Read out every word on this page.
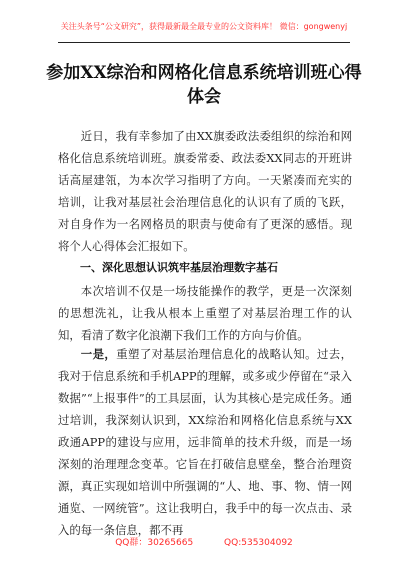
关注头条号“公文研究”，获得最新最全最专业的公文资料库！ 微信：gongwenyj
参加XX综治和网格化信息系统培训班心得体会
近日，我有幸参加了由XX旗委政法委组织的综治和网格化信息系统培训班。旗委常委、政法委XX同志的开班讲话高屋建瓴，为本次学习指明了方向。一天紧凑而充实的培训，让我对基层社会治理信息化的认识有了质的飞跃，对自身作为一名网格员的职责与使命有了更深的感悟。现将个人心得体会汇报如下。
一、深化思想认识筑牢基层治理数字基石
本次培训不仅是一场技能操作的教学，更是一次深刻的思想洗礼，让我从根本上重塑了对基层治理工作的认知，看清了数字化浪潮下我们工作的方向与价值。
一是，重塑了对基层治理信息化的战略认知。过去，我对于信息系统和手机APP的理解，或多或少停留在“录入数据”“上报事件”的工具层面，认为其核心是完成任务。通过培训，我深刻认识到，XX综治和网格化信息系统与XX政通APP的建设与应用，远非简单的技术升级，而是一场深刻的治理理念变革。它旨在打破信息壁垒，整合治理资源，真正实现如培训中所强调的“人、地、事、物、情一网通览、一网统管”。这让我明白，我手中的每一次点击、录入的每一条信息，都不再
QQ群：30265665	QQ:535304092
